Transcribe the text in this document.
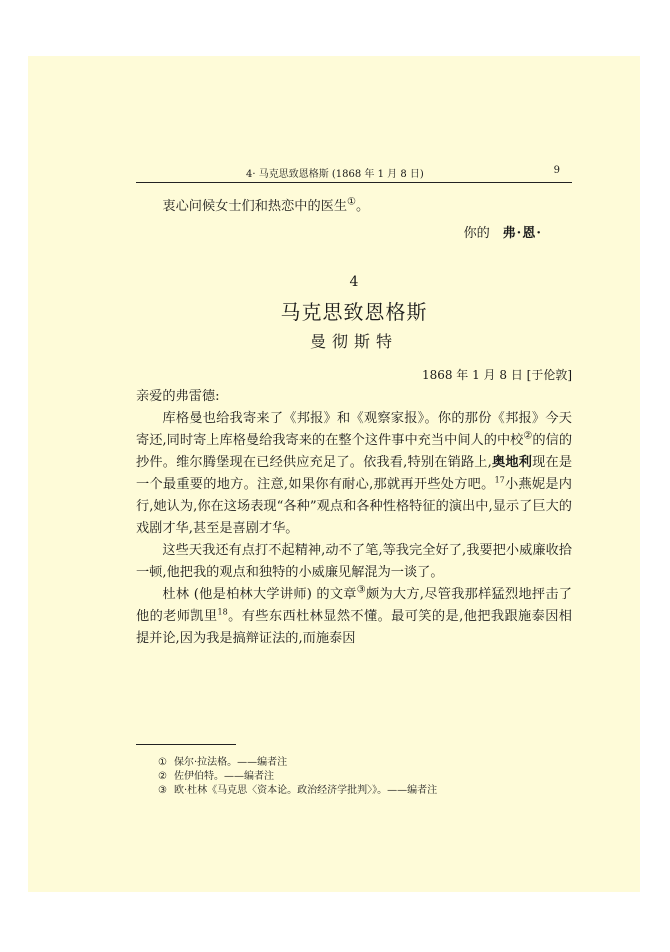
4· 马克思致恩格斯 (1868 年 1 月 8 日)	9

衷心问候女士们和热恋中的医生①。

你的 弗·恩·
4
马克思致恩格斯
曼彻斯特
1868 年 1 月 8 日 [于伦敦]

亲爱的弗雷德:

库格曼也给我寄来了《邦报》和《观察家报》。你的那份《邦报》今天寄还,同时寄上库格曼给我寄来的在整个这件事中充当中间人的中校②的信的抄件。维尔腾堡现在已经供应充足了。依我看,特别在销路上,奥地利现在是一个最重要的地方。注意,如果你有耐心,那就再开些处方吧。$^{17}$小燕妮是内行,她认为,你在这场表现“各种”观点和各种性格特征的演出中,显示了巨大的戏剧才华,甚至是喜剧才华。

这些天我还有点打不起精神,动不了笔,等我完全好了,我要把小威廉收拾一顿,他把我的观点和独特的小威廉见解混为一谈了。

杜林 (他是柏林大学讲师) 的文章③颇为大方,尽管我那样猛烈地抨击了他的老师凯里$^{18}$。有些东西杜林显然不懂。最可笑的是,他把我跟施泰因相提并论,因为我是搞辩证法的,而施泰因

① 保尔·拉法格。——编者注
② 佐伊伯特。——编者注
③ 欧·杜林《马克思〈资本论。政治经济学批判〉》。——编者注
